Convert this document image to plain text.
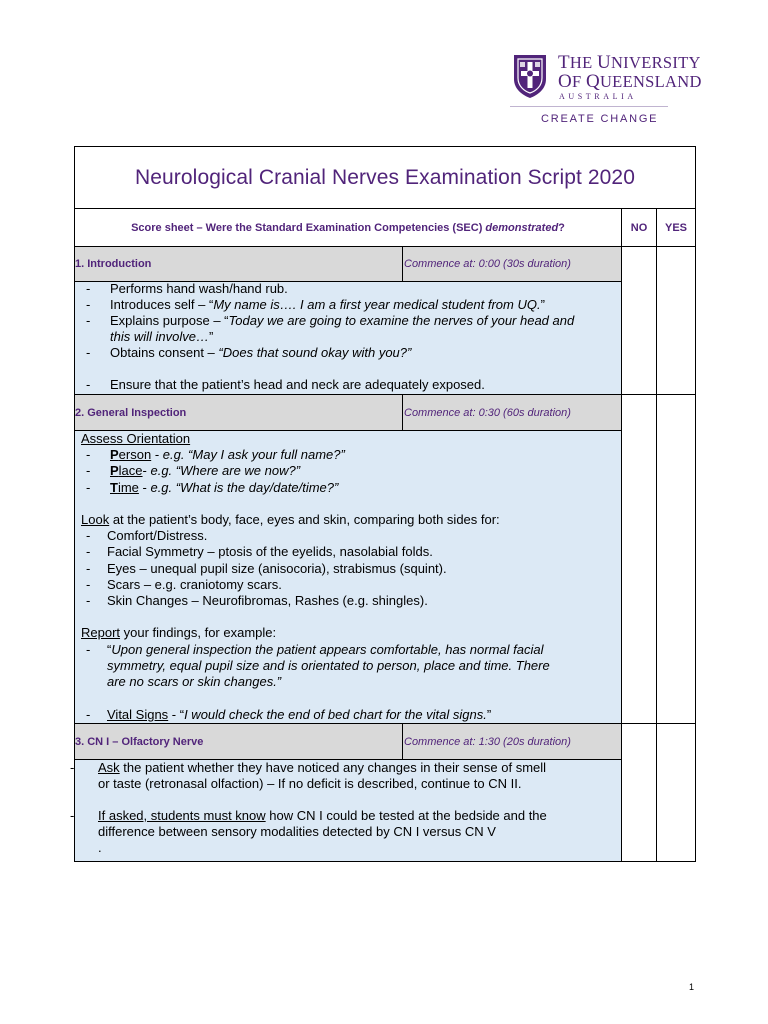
THE UNIVERSITY
OF QUEENSLAND
AUSTRALIA
CREATE CHANGE
Neurological Cranial Nerves Examination Script 2020
Score sheet – Were the Standard Examination Competencies (SEC) demonstrated?	NO	YES
1. Introduction	Commence at: 0:00 (30s duration)
- Performs hand wash/hand rub.
- Introduces self – “My name is…. I am a first year medical student from UQ.”
- Explains purpose – “Today we are going to examine the nerves of your head and
this will involve…”
- Obtains consent – “Does that sound okay with you?”
- Ensure that the patient’s head and neck are adequately exposed.
2. General Inspection	Commence at: 0:30 (60s duration)
Assess Orientation
- Person - e.g. “May I ask your full name?”
- Place- e.g. “Where are we now?”
- Time - e.g. “What is the day/date/time?”
Look at the patient’s body, face, eyes and skin, comparing both sides for:
- Comfort/Distress.
- Facial Symmetry – ptosis of the eyelids, nasolabial folds.
- Eyes – unequal pupil size (anisocoria), strabismus (squint).
- Scars – e.g. craniotomy scars.
- Skin Changes – Neurofibromas, Rashes (e.g. shingles).
Report your findings, for example:
- “Upon general inspection the patient appears comfortable, has normal facial
symmetry, equal pupil size and is orientated to person, place and time. There
are no scars or skin changes.”
- Vital Signs - “I would check the end of bed chart for the vital signs.”
3. CN I – Olfactory Nerve	Commence at: 1:30 (20s duration)
- Ask the patient whether they have noticed any changes in their sense of smell
or taste (retronasal olfaction) – If no deficit is described, continue to CN II.
- If asked, students must know how CN I could be tested at the bedside and the
difference between sensory modalities detected by CN I versus CN V
.
1
